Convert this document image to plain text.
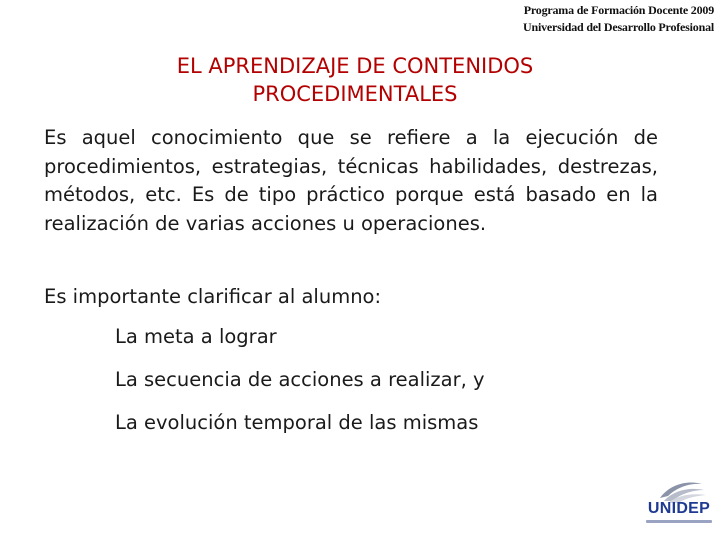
Programa de Formación Docente 2009
Universidad del Desarrollo Profesional
EL APRENDIZAJE DE CONTENIDOS
PROCEDIMENTALES
Es aquel conocimiento que se refiere a la ejecución de procedimientos, estrategias, técnicas habilidades, destrezas, métodos, etc. Es de tipo práctico porque está basado en la realización de varias acciones u operaciones.
Es importante clarificar al alumno:
La meta a lograr
La secuencia de acciones a realizar, y
La evolución temporal de las mismas
UNIDEP
